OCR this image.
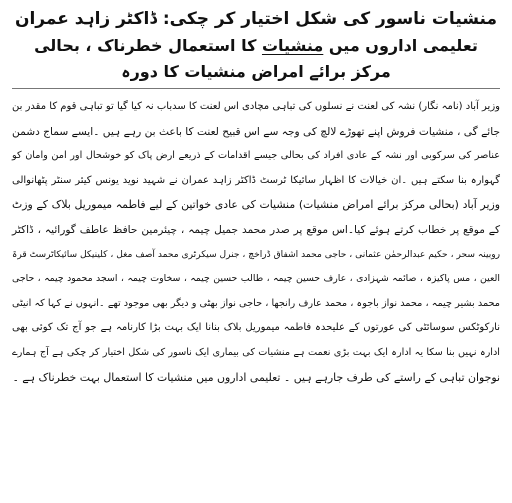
منشیات ناسور کی شکل اختیار کر چکی: ڈاکٹر زاہد عمران

تعلیمی اداروں میں منشیات کا استعمال خطرناک ، بحالی مرکز برائے امراض منشیات کا دورہ

وزیر آباد (نامہ نگار) نشہ کی لعنت نے نسلوں کی تباہی مچادی اس لعنت کا سدباب نہ کیا گیا تو تباہی قوم کا مقدر بن

جائے گی ، منشیات فروش اپنے تھوڑے لالچ کی وجہ سے اس قبیح لعنت کا باعث بن رہے ہیں ۔ایسے سماج دشمن

عناصر کی سرکوبی اور نشہ کے عادی افراد کی بحالی جیسے اقدامات کے ذریعے ارض پاک کو خوشحال اور امن وامان کو

گہوارہ بنا سکتے ہیں ۔ان خیالات کا اظہار سائیکا ٹرسٹ ڈاکٹر زاہد عمران نے شہید نوید یونس کیئر سنٹر پٹھانوالی

وزیر آباد (بحالی مرکز برائے امراض منشیات) منشیات کی عادی خواتین کے لیے فاطمہ میموریل بلاک کے وزٹ

کے موقع پر خطاب کرتے ہوئے کیا۔اس موقع پر صدر محمد جمیل چیمہ ، چیئرمین حافظ عاطف گورائیہ ، ڈاکٹر

روبینہ سحر ، حکیم عبدالرحمٰن عثمانی ، حاجی محمد اشفاق ڈراخچ ، جنرل سیکرٹری محمد آصف مغل ، کلینیکل سائیکاٹرسٹ قرۃ

العین ، مس پاکیزہ ، صائمہ شہزادی ، عارف حسین چیمہ ، طالب حسین چیمہ ، سخاوت چیمہ ، اسجد محمود چیمہ ، حاجی

محمد بشیر چیمہ ، محمد نواز باجوہ ، محمد عارف رانجھا ، حاجی نواز بھٹی و دیگر بھی موجود تھے ۔انہوں نے کہا کہ انیٹی

نارکوٹکس سوسائٹی کی عورتوں کے علیحدہ فاطمہ میموریل بلاک بنانا ایک بہت بڑا کارنامہ ہے جو آج تک کوئی بھی

ادارہ نہیں بنا سکا یہ ادارہ ایک بہت بڑی نعمت ہے منشیات کی بیماری ایک ناسور کی شکل اختیار کر چکی ہے آج ہمارے

نوجوان تباہی کے راستے کی طرف جارہے ہیں ۔ تعلیمی اداروں میں منشیات کا استعمال بہت خطرناک ہے ۔
